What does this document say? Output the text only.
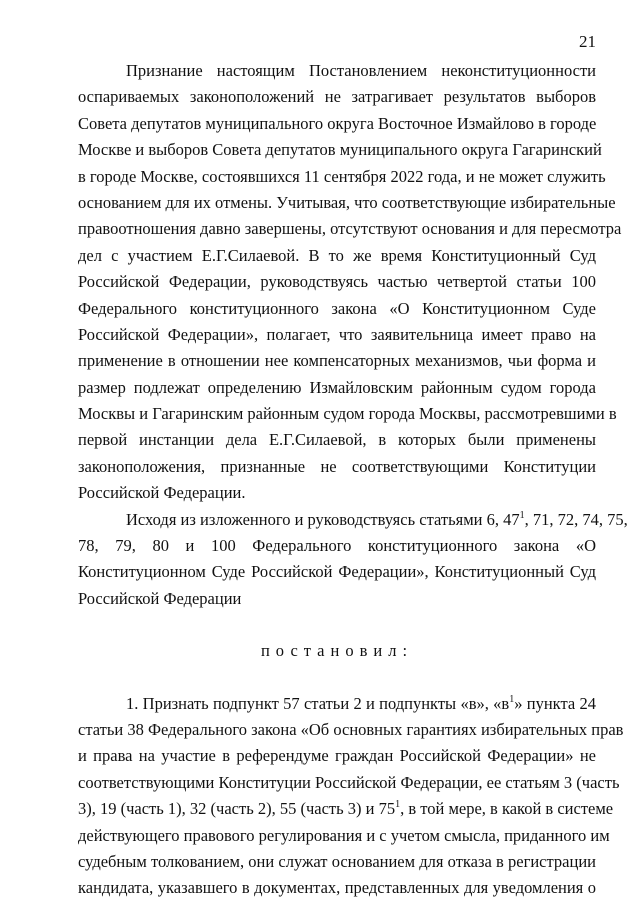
21
Признание настоящим Постановлением неконституционности
оспариваемых законоположений не затрагивает результатов выборов
Совета депутатов муниципального округа Восточное Измайлово в городе
Москве и выборов Совета депутатов муниципального округа Гагаринский
в городе Москве, состоявшихся 11 сентября 2022 года, и не может служить
основанием для их отмены. Учитывая, что соответствующие избирательные
правоотношения давно завершены, отсутствуют основания и для пересмотра
дел с участием Е.Г.Силаевой. В то же время Конституционный Суд
Российской Федерации, руководствуясь частью четвертой статьи 100
Федерального конституционного закона «О Конституционном Суде
Российской Федерации», полагает, что заявительница имеет право на
применение в отношении нее компенсаторных механизмов, чьи форма и
размер подлежат определению Измайловским районным судом города
Москвы и Гагаринским районным судом города Москвы, рассмотревшими в
первой инстанции дела Е.Г.Силаевой, в которых были применены
законоположения, признанные не соответствующими Конституции
Российской Федерации.
Исходя из изложенного и руководствуясь статьями 6, $47^1$, 71, 72, 74, 75,
78, 79, 80 и 100 Федерального конституционного закона «О
Конституционном Суде Российской Федерации», Конституционный Суд
Российской Федерации
постановил:
1. Признать подпункт 57 статьи 2 и подпункты «в», «$в^1$» пункта 24
статьи 38 Федерального закона «Об основных гарантиях избирательных прав
и права на участие в референдуме граждан Российской Федерации» не
соответствующими Конституции Российской Федерации, ее статьям 3 (часть
3), 19 (часть 1), 32 (часть 2), 55 (часть 3) и $75^1$, в той мере, в какой в системе
действующего правового регулирования и с учетом смысла, приданного им
судебным толкованием, они служат основанием для отказа в регистрации
кандидата, указавшего в документах, представленных для уведомления о
